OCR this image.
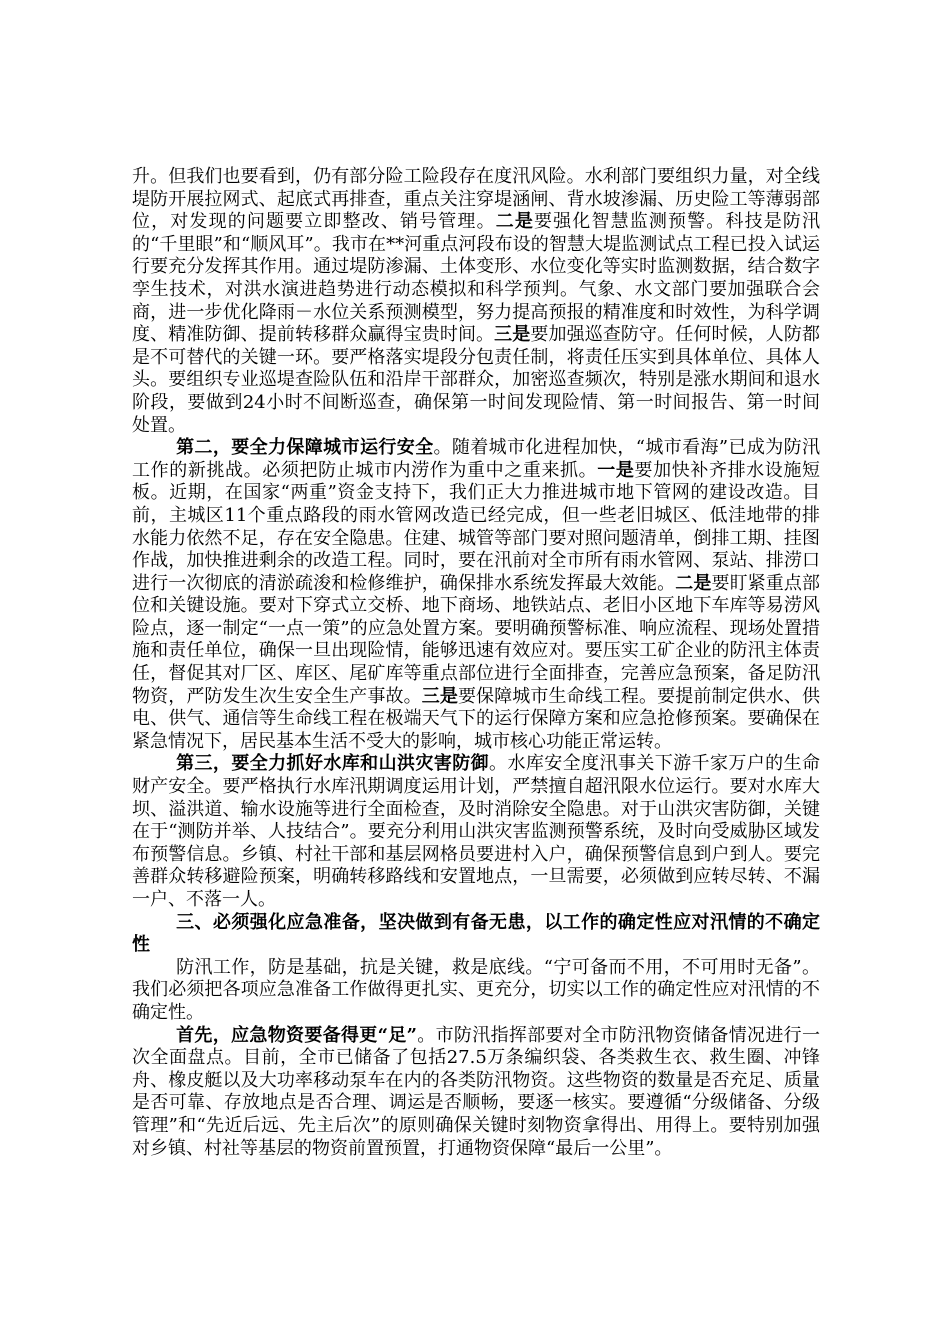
升。但我们也要看到，仍有部分险工险段存在度汛风险。水利部门要组织力量，对全线堤防开展拉网式、起底式再排查，重点关注穿堤涵闸、背水坡渗漏、历史险工等薄弱部位，对发现的问题要立即整改、销号管理。二是要强化智慧监测预警。科技是防汛的“千里眼”和“顺风耳”。我市在**河重点河段布设的智慧大堤监测试点工程已投入试运行要充分发挥其作用。通过堤防渗漏、土体变形、水位变化等实时监测数据，结合数字孪生技术，对洪水演进趋势进行动态模拟和科学预判。气象、水文部门要加强联合会商，进一步优化降雨－水位关系预测模型，努力提高预报的精准度和时效性，为科学调度、精准防御、提前转移群众赢得宝贵时间。三是要加强巡查防守。任何时候，人防都是不可替代的关键一环。要严格落实堤段分包责任制，将责任压实到具体单位、具体人头。要组织专业巡堤查险队伍和沿岸干部群众，加密巡查频次，特别是涨水期间和退水阶段，要做到24小时不间断巡查，确保第一时间发现险情、第一时间报告、第一时间处置。

第二，要全力保障城市运行安全。随着城市化进程加快，“城市看海”已成为防汛工作的新挑战。必须把防止城市内涝作为重中之重来抓。一是要加快补齐排水设施短板。近期，在国家“两重”资金支持下，我们正大力推进城市地下管网的建设改造。目前，主城区11个重点路段的雨水管网改造已经完成，但一些老旧城区、低洼地带的排水能力依然不足，存在安全隐患。住建、城管等部门要对照问题清单，倒排工期、挂图作战，加快推进剩余的改造工程。同时，要在汛前对全市所有雨水管网、泵站、排涝口进行一次彻底的清淤疏浚和检修维护，确保排水系统发挥最大效能。二是要盯紧重点部位和关键设施。要对下穿式立交桥、地下商场、地铁站点、老旧小区地下车库等易涝风险点，逐一制定“一点一策”的应急处置方案。要明确预警标准、响应流程、现场处置措施和责任单位，确保一旦出现险情，能够迅速有效应对。要压实工矿企业的防汛主体责任，督促其对厂区、库区、尾矿库等重点部位进行全面排查，完善应急预案，备足防汛物资，严防发生次生安全生产事故。三是要保障城市生命线工程。要提前制定供水、供电、供气、通信等生命线工程在极端天气下的运行保障方案和应急抢修预案。要确保在紧急情况下，居民基本生活不受大的影响，城市核心功能正常运转。

第三，要全力抓好水库和山洪灾害防御。水库安全度汛事关下游千家万户的生命财产安全。要严格执行水库汛期调度运用计划，严禁擅自超汛限水位运行。要对水库大坝、溢洪道、输水设施等进行全面检查，及时消除安全隐患。对于山洪灾害防御，关键在于“测防并举、人技结合”。要充分利用山洪灾害监测预警系统，及时向受威胁区域发布预警信息。乡镇、村社干部和基层网格员要进村入户，确保预警信息到户到人。要完善群众转移避险预案，明确转移路线和安置地点，一旦需要，必须做到应转尽转、不漏一户、不落一人。

三、必须强化应急准备，坚决做到有备无患，以工作的确定性应对汛情的不确定性

防汛工作，防是基础，抗是关键，救是底线。“宁可备而不用，不可用时无备”。我们必须把各项应急准备工作做得更扎实、更充分，切实以工作的确定性应对汛情的不确定性。

首先，应急物资要备得更“足”。市防汛指挥部要对全市防汛物资储备情况进行一次全面盘点。目前，全市已储备了包括27.5万条编织袋、各类救生衣、救生圈、冲锋舟、橡皮艇以及大功率移动泵车在内的各类防汛物资。这些物资的数量是否充足、质量是否可靠、存放地点是否合理、调运是否顺畅，要逐一核实。要遵循“分级储备、分级管理”和“先近后远、先主后次”的原则确保关键时刻物资拿得出、用得上。要特别加强对乡镇、村社等基层的物资前置预置，打通物资保障“最后一公里”。
